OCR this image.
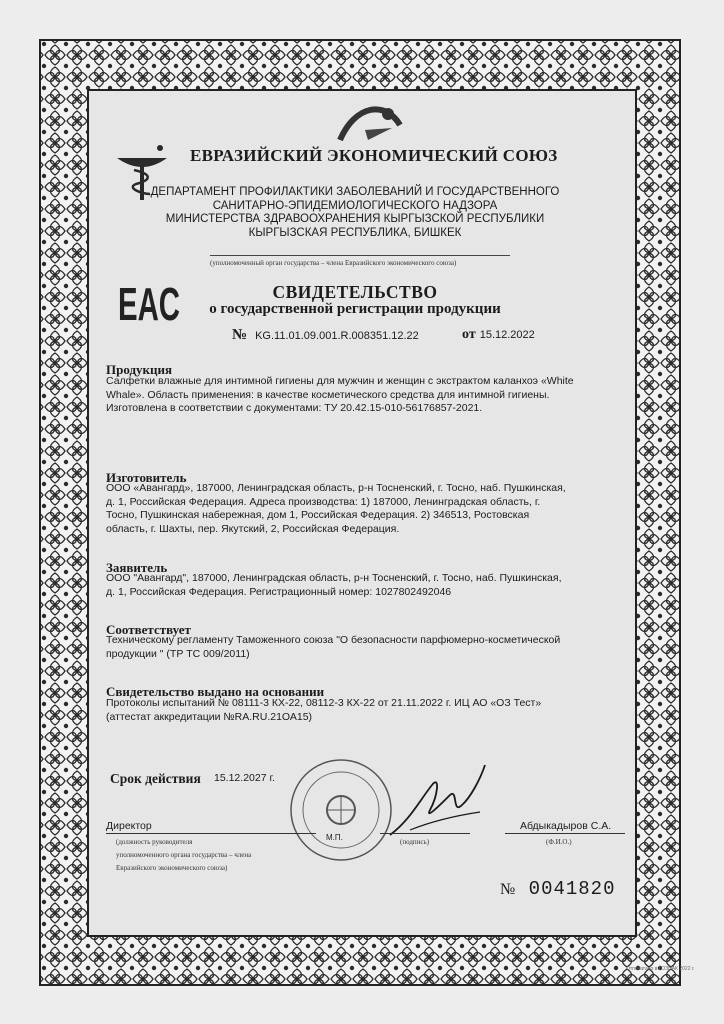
ЕВРАЗИЙСКИЙ ЭКОНОМИЧЕСКИЙ СОЮЗ
ДЕПАРТАМЕНТ ПРОФИЛАКТИКИ ЗАБОЛЕВАНИЙ И ГОСУДАРСТВЕННОГО
САНИТАРНО-ЭПИДЕМИОЛОГИЧЕСКОГО НАДЗОРА
МИНИСТЕРСТВА ЗДРАВООХРАНЕНИЯ КЫРГЫЗСКОЙ РЕСПУБЛИКИ
КЫРГЫЗСКАЯ РЕСПУБЛИКА, БИШКЕК
(уполномоченный орган государства – члена Евразийского экономического союза)
EAC	СВИДЕТЕЛЬСТВО
о государственной регистрации продукции
№ KG.11.01.09.001.R.008351.12.22	от 15.12.2022
Продукция
Салфетки влажные для интимной гигиены для мужчин и женщин с экстрактом каланхоэ «White
Whale». Область применения: в качестве косметического средства для интимной гигиены.
Изготовлена в соответствии с документами: ТУ 20.42.15-010-56176857-2021.
Изготовитель
ООО «Авангард», 187000, Ленинградская область, р-н Тосненский, г. Тосно, наб. Пушкинская,
д. 1, Российская Федерация. Адреса производства: 1) 187000, Ленинградская область, г.
Тосно, Пушкинская набережная, дом 1, Российская Федерация. 2) 346513, Ростовская
область, г. Шахты, пер. Якутский, 2, Российская Федерация.
Заявитель
ООО "Авангард", 187000, Ленинградская область, р-н Тосненский, г. Тосно, наб. Пушкинская,
д. 1, Российская Федерация. Регистрационный номер: 1027802492046
Соответствует
Техническому регламенту Таможенного союза "О безопасности парфюмерно-косметической
продукции " (ТР ТС 009/2011)
Свидетельство выдано на основании
Протоколы испытаний № 08111-3 КХ-22, 08112-3 КХ-22 от 21.11.2022 г. ИЦ АО «ОЗ Тест»
(аттестат аккредитации №RA.RU.21ОА15)
Срок действия 15.12.2027 г.
Директор
(должность руководителя
уполномоченного органа государства – члена
Евразийского экономического союза)
М.П.	(подпись)
Абдыкадыров С.А.
(Ф.И.О.)
№ 0041820
Отпечатано в ГОЗНАК 2022 г.
